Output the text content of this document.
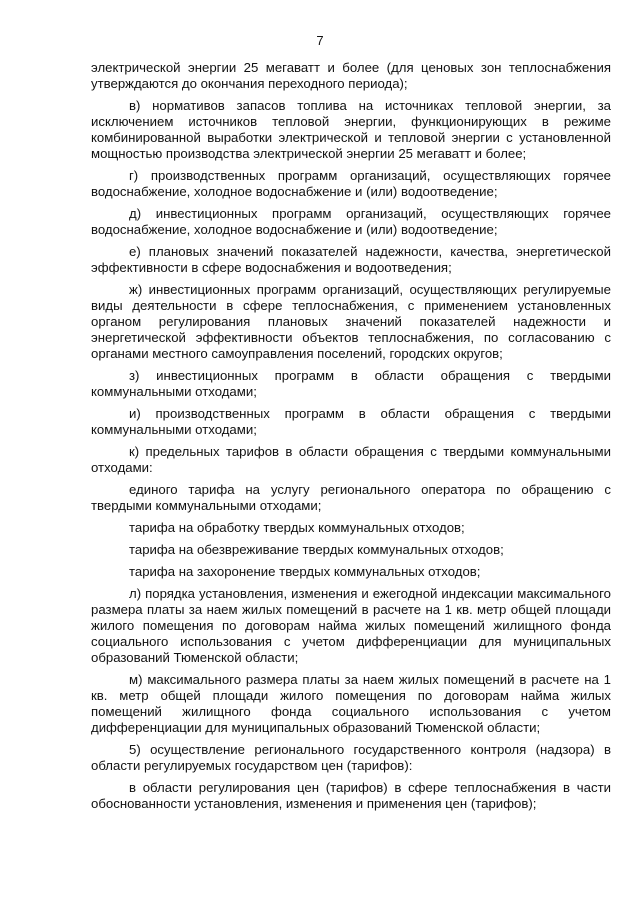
7

электрической энергии 25 мегаватт и более (для ценовых зон теплоснабжения утверждаются до окончания переходного периода);

в) нормативов запасов топлива на источниках тепловой энергии, за исключением источников тепловой энергии, функционирующих в режиме комбинированной выработки электрической и тепловой энергии с установленной мощностью производства электрической энергии 25 мегаватт и более;

г) производственных программ организаций, осуществляющих горячее водоснабжение, холодное водоснабжение и (или) водоотведение;

д) инвестиционных программ организаций, осуществляющих горячее водоснабжение, холодное водоснабжение и (или) водоотведение;

е) плановых значений показателей надежности, качества, энергетической эффективности в сфере водоснабжения и водоотведения;

ж) инвестиционных программ организаций, осуществляющих регулируемые виды деятельности в сфере теплоснабжения, с применением установленных органом регулирования плановых значений показателей надежности и энергетической эффективности объектов теплоснабжения, по согласованию с органами местного самоуправления поселений, городских округов;

з) инвестиционных программ в области обращения с твердыми коммунальными отходами;

и) производственных программ в области обращения с твердыми коммунальными отходами;

к) предельных тарифов в области обращения с твердыми коммунальными отходами:

единого тарифа на услугу регионального оператора по обращению с твердыми коммунальными отходами;

тарифа на обработку твердых коммунальных отходов;

тарифа на обезвреживание твердых коммунальных отходов;

тарифа на захоронение твердых коммунальных отходов;

л) порядка установления, изменения и ежегодной индексации максимального размера платы за наем жилых помещений в расчете на 1 кв. метр общей площади жилого помещения по договорам найма жилых помещений жилищного фонда социального использования с учетом дифференциации для муниципальных образований Тюменской области;

м) максимального размера платы за наем жилых помещений в расчете на 1 кв. метр общей площади жилого помещения по договорам найма жилых помещений жилищного фонда социального использования с учетом дифференциации для муниципальных образований Тюменской области;

5) осуществление регионального государственного контроля (надзора) в области регулируемых государством цен (тарифов):

в области регулирования цен (тарифов) в сфере теплоснабжения в части обоснованности установления, изменения и применения цен (тарифов);
